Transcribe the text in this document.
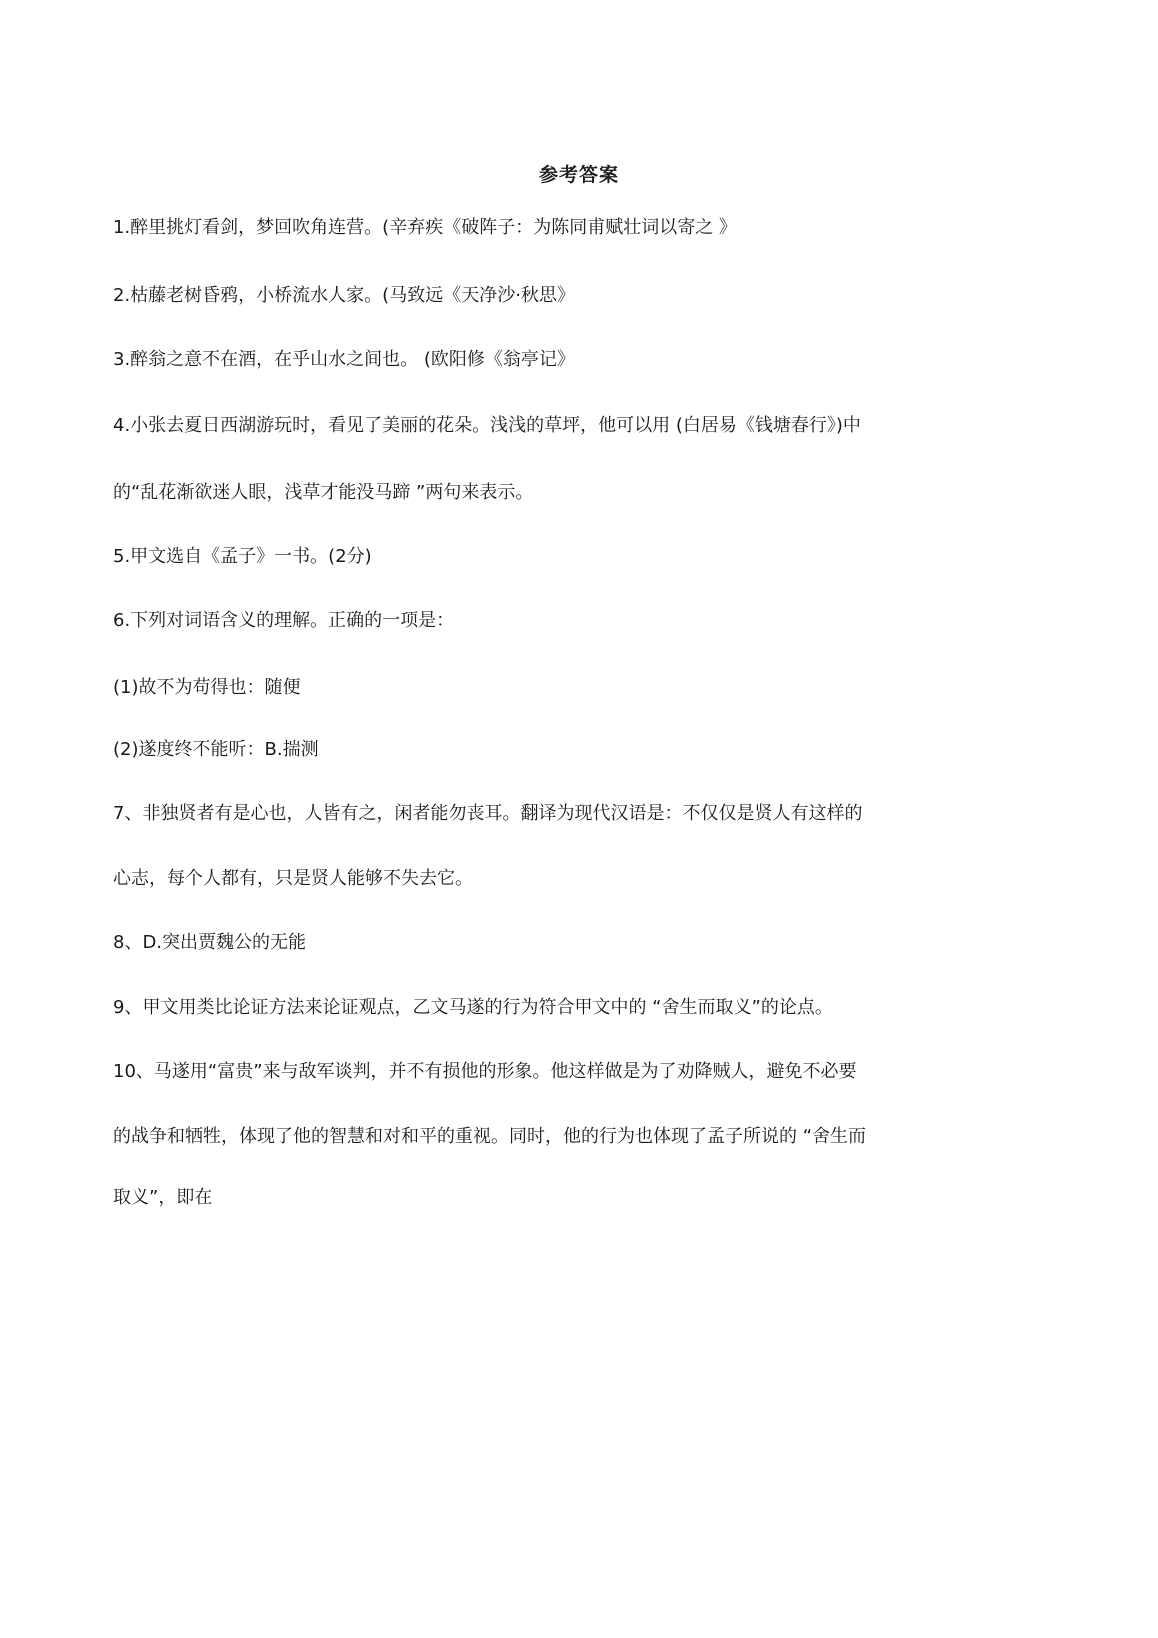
参考答案
1.醉里挑灯看剑，梦回吹角连营。(辛弃疾《破阵子：为陈同甫赋壮词以寄之 》
2.枯藤老树昏鸦，小桥流水人家。(马致远《天净沙·秋思》
3.醉翁之意不在酒，在乎山水之间也。 (欧阳修《翁亭记》
4.小张去夏日西湖游玩时，看见了美丽的花朵。浅浅的草坪，他可以用 (白居易《钱塘春行》)中
的“乱花渐欲迷人眼，浅草才能没马蹄 ”两句来表示。
5.甲文选自《孟子》一书。(2分)
6.下列对词语含义的理解。正确的一项是：
(1)故不为苟得也：随便
(2)遂度终不能听：B.揣测
7、非独贤者有是心也，人皆有之，闲者能勿丧耳。翻译为现代汉语是：不仅仅是贤人有这样的
心志，每个人都有，只是贤人能够不失去它。
8、D.突出贾魏公的无能
9、甲文用类比论证方法来论证观点，乙文马遂的行为符合甲文中的 “舍生而取义”的论点。
10、马遂用“富贵”来与敌军谈判，并不有损他的形象。他这样做是为了劝降贼人，避免不必要
的战争和牺牲，体现了他的智慧和对和平的重视。同时，他的行为也体现了孟子所说的 “舍生而
取义”，即在
